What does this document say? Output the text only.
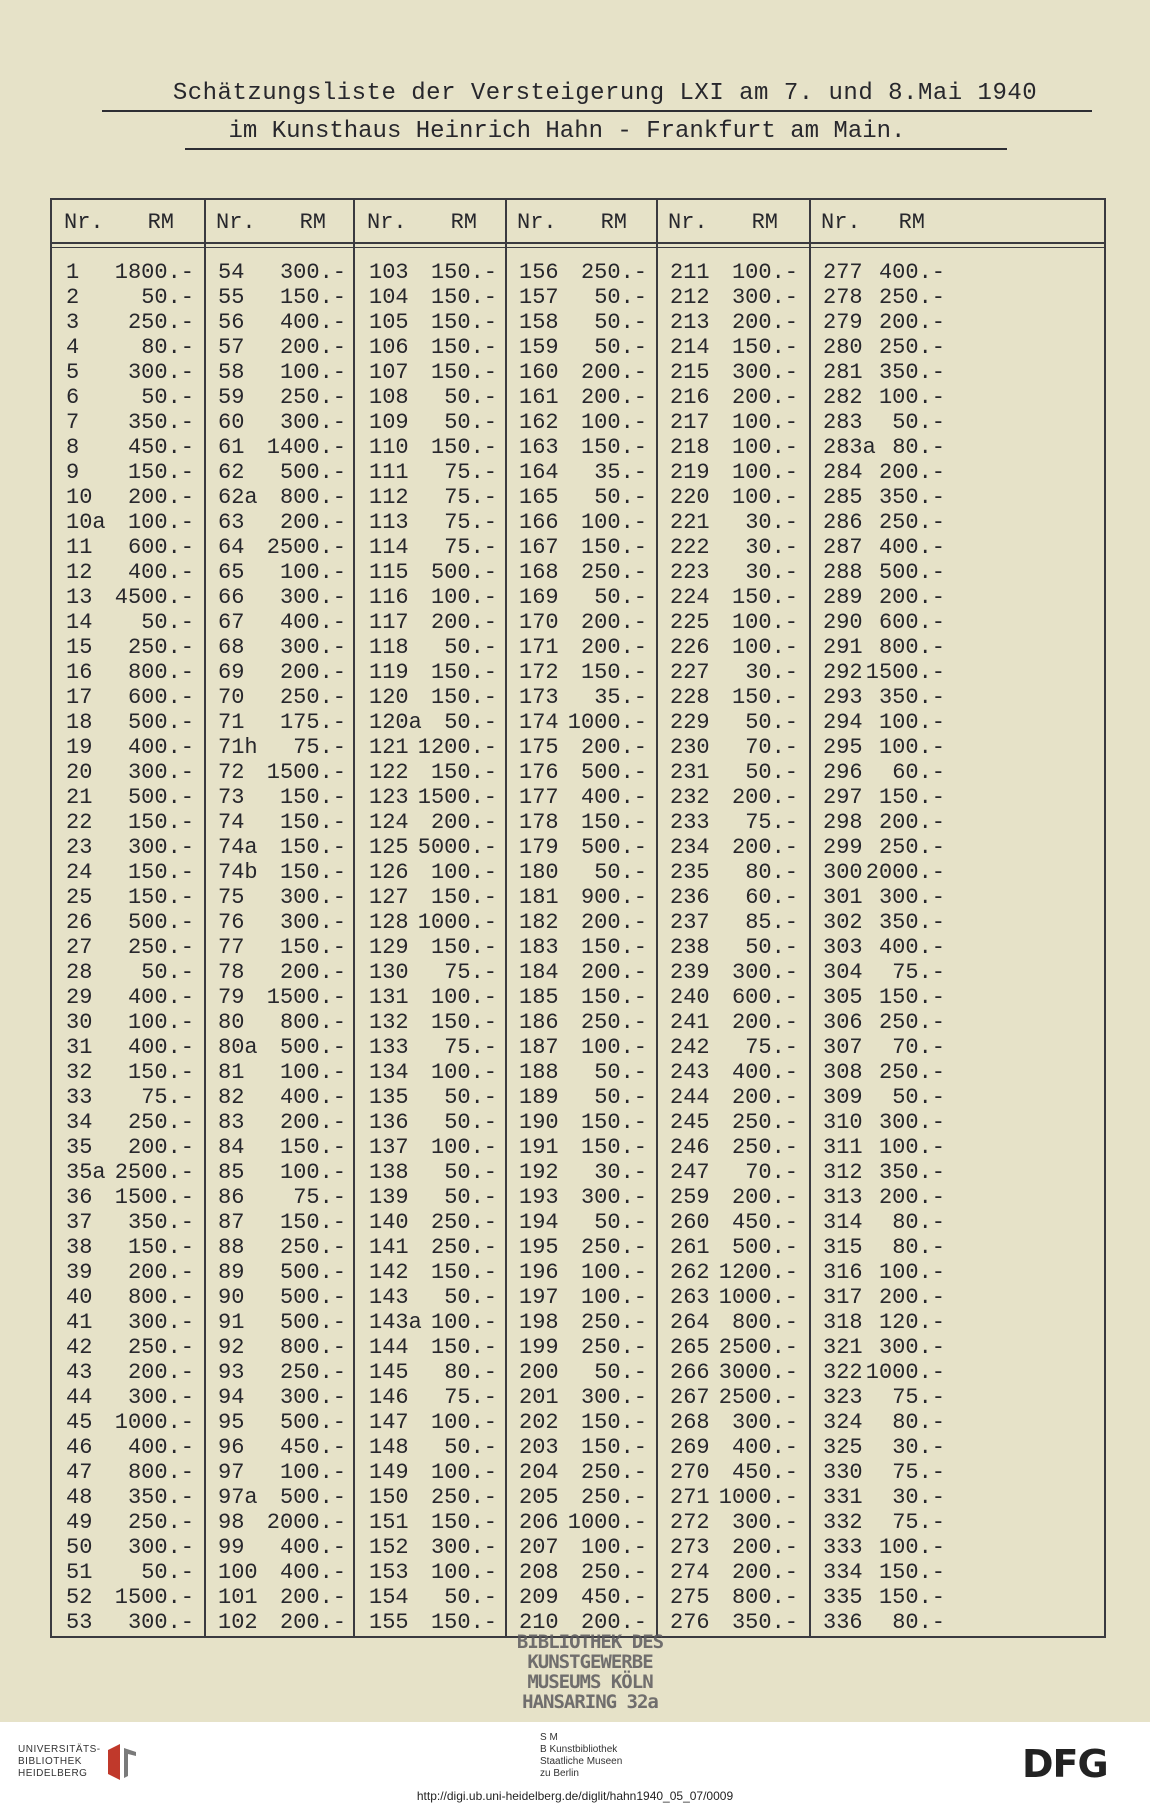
Schätzungsliste der Versteigerung LXI am 7. und 8.Mai 1940
im Kunsthaus Heinrich Hahn - Frankfurt am Main.
Nr. RM
1 1800.-
2	50.-
3 250.-
4	80.-
5 300.-
6	50.-
7 350.-
8 450.-
9 150.-
10 200.-
10a 100.-
11 600.-
12 400.-
13 4500.-
14 50.-
15 250.-
16 800.-
17 600.-
18 500.-
19 400.-
20 300.-
21 500.-
22 150.-
23 300.-
24 150.-
25 150.-
26 500.-
27 250.-
28 50.-
29 400.-
30 100.-
31 400.-
32 150.-
33 75.-
34 250.-
35 200.-
35a 2500.-
36 1500.-
37 350.-
38 150.-
39 200.-
40 800.-
41 300.-
42 250.-
43 200.-
44 300.-
45 1000.-
46 400.-
47 800.-
48 350.-
49 250.-
50 300.-
51 50.-
52 1500.-
53 300.-
Nr. RM
54 300.-
55 150.-
56 400.-
57 200.-
58 100.-
59 250.-
60 300.-
61 1400.-
62 500.-
62a 800.-
63 200.-
64 2500.-
65 100.-
66 300.-
67 400.-
68 300.-
69 200.-
70 250.-
71 175.-
71h 75.-
72 1500.-
73 150.-
74 150.-
74a 150.-
74b 150.-
75 300.-
76 300.-
77 150.-
78 200.-
79 1500.-
80 800.-
80a 500.-
81 100.-
82 400.-
83 200.-
84 150.-
85 100.-
86 75.-
87 150.-
88 250.-
89 500.-
90 500.-
91 500.-
92 800.-
93 250.-
94 300.-
95 500.-
96 450.-
97 100.-
97a 500.-
98 2000.-
99 400.-
100 400.-
101 200.-
102 200.-
Nr. RM
103 150.-
104 150.-
105 150.-
106 150.-
107 150.-
108 50.-
109 50.-
110 150.-
111 75.-
112 75.-
113 75.-
114 75.-
115 500.-
116 100.-
117 200.-
118 50.-
119 150.-
120 150.-
120a 50.-
121 1200.-
122 150.-
123 1500.-
124 200.-
125 5000.-
126 100.-
127 150.-
128 1000.-
129 150.-
130 75.-
131 100.-
132 150.-
133 75.-
134 100.-
135 50.-
136 50.-
137 100.-
138 50.-
139 50.-
140 250.-
141 250.-
142 150.-
143 50.-
143a 100.-
144 150.-
145 80.-
146 75.-
147 100.-
148 50.-
149 100.-
150 250.-
151 150.-
152 300.-
153 100.-
154 50.-
155 150.-
Nr. RM
156 250.-
157 50.-
158 50.-
159 50.-
160 200.-
161 200.-
162 100.-
163 150.-
164 35.-
165 50.-
166 100.-
167 150.-
168 250.-
169 50.-
170 200.-
171 200.-
172 150.-
173 35.-
174 1000.-
175 200.-
176 500.-
177 400.-
178 150.-
179 500.-
180 50.-
181 900.-
182 200.-
183 150.-
184 200.-
185 150.-
186 250.-
187 100.-
188 50.-
189 50.-
190 150.-
191 150.-
192 30.-
193 300.-
194 50.-
195 250.-
196 100.-
197 100.-
198 250.-
199 250.-
200 50.-
201 300.-
202 150.-
203 150.-
204 250.-
205 250.-
206 1000.-
207 100.-
208 250.-
209 450.-
210 200.-
Nr. RM
211 100.-
212 300.-
213 200.-
214 150.-
215 300.-
216 200.-
217 100.-
218 100.-
219 100.-
220 100.-
221 30.-
222 30.-
223 30.-
224 150.-
225 100.-
226 100.-
227 30.-
228 150.-
229 50.-
230 70.-
231 50.-
232 200.-
233 75.-
234 200.-
235 80.-
236 60.-
237 85.-
238 50.-
239 300.-
240 600.-
241 200.-
242 75.-
243 400.-
244 200.-
245 250.-
246 250.-
247 70.-
259 200.-
260 450.-
261 500.-
262 1200.-
263 1000.-
264 800.-
265 2500.-
266 3000.-
267 2500.-
268 300.-
269 400.-
270 450.-
271 1000.-
272 300.-
273 200.-
274 200.-
275 800.-
276 350.-
Nr. RM
277 400.-
278 250.-
279 200.-
280 250.-
281 350.-
282 100.-
283 50.-
283a 80.-
284 200.-
285 350.-
286 250.-
287 400.-
288 500.-
289 200.-
290 600.-
291 800.-
292 1500.-
293 350.-
294 100.-
295 100.-
296 60.-
297 150.-
298 200.-
299 250.-
300 2000.-
301 300.-
302 350.-
303 400.-
304 75.-
305 150.-
306 250.-
307 70.-
308 250.-
309 50.-
310 300.-
311 100.-
312 350.-
313 200.-
314 80.-
315 80.-
316 100.-
317 200.-
318 120.-
321 300.-
322 1000.-
323 75.-
324 80.-
325 30.-
330 75.-
331 30.-
332 75.-
333 100.-
334 150.-
335 150.-
336 80.-
BIBLIOTHEK DES
KUNSTGEWERBE
MUSEUMS KÖLN
HANSARING 32a
UNIVERSITÄTS-
BIBLIOTHEK
HEIDELBERG
S M
B Kunstbibliothek
Staatliche Museen
zu Berlin	DFG
http://digi.ub.uni-heidelberg.de/diglit/hahn1940_05_07/0009
